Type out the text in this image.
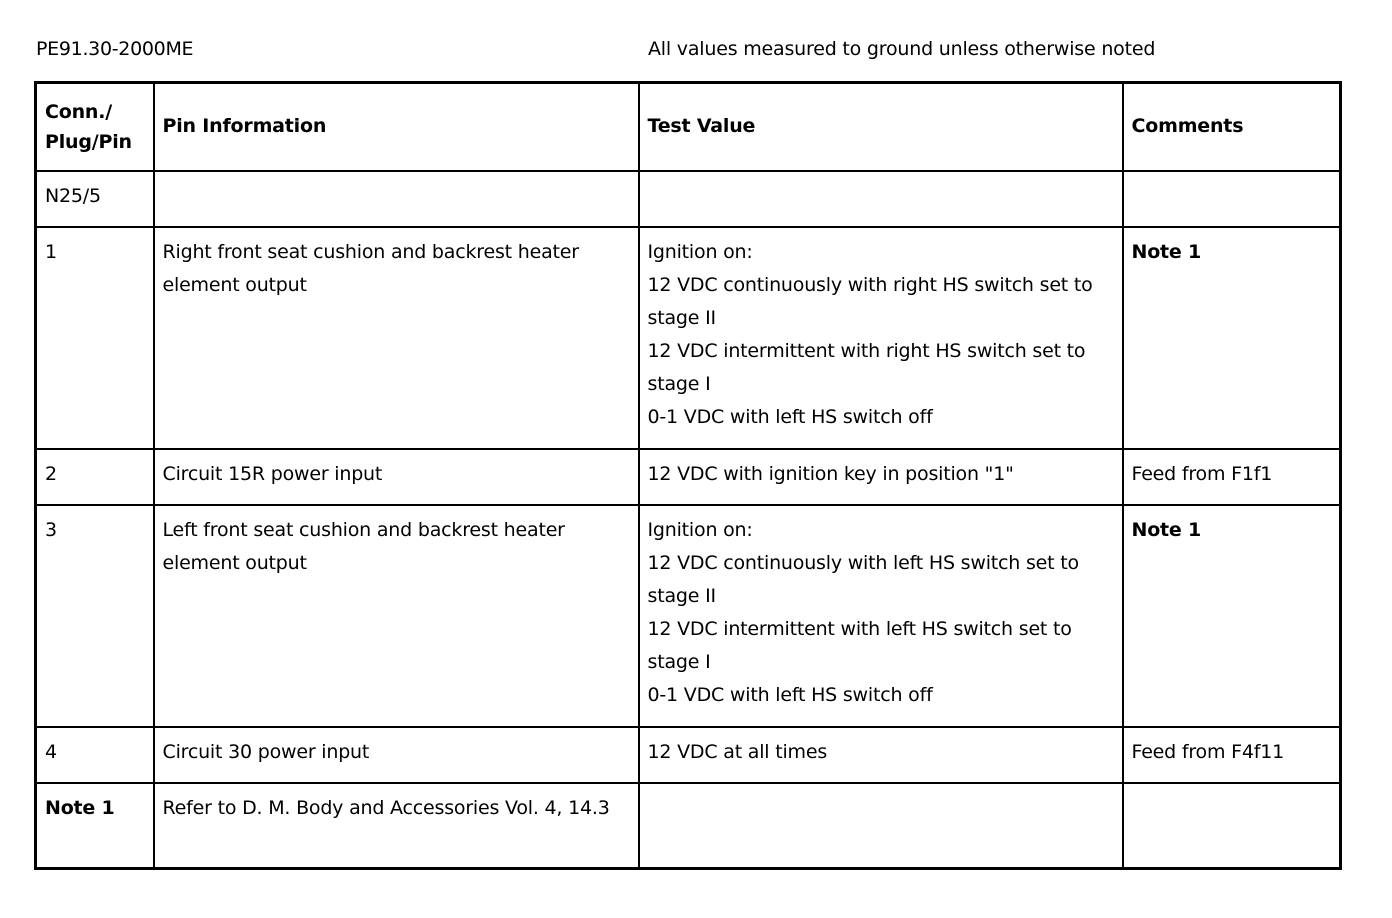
PE91.30-2000ME	All values measured to ground unless otherwise noted
Conn./
Plug/Pin	Pin Information	Test Value	Comments
N25/5			
1	Right front seat cushion and backrest heater element output	Ignition on:
12 VDC continuously with right HS switch set to stage II
12 VDC intermittent with right HS switch set to stage I
0-1 VDC with left HS switch off	Note 1
2	Circuit 15R power input	12 VDC with ignition key in position "1"	Feed from F1f1
3	Left front seat cushion and backrest heater element output	Ignition on:
12 VDC continuously with left HS switch set to stage II
12 VDC intermittent with left HS switch set to stage I
0-1 VDC with left HS switch off	Note 1
4	Circuit 30 power input	12 VDC at all times	Feed from F4f11
Note 1	Refer to D. M. Body and Accessories Vol. 4, 14.3		
